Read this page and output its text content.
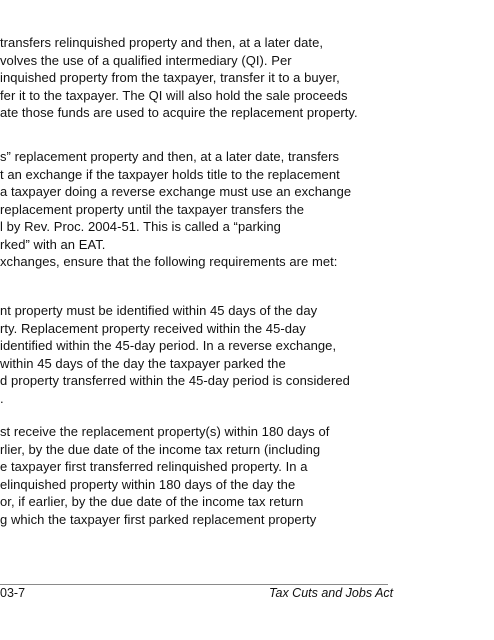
transfers relinquished property and then, at a later date,
volves the use of a qualified intermediary (QI). Per
inquished property from the taxpayer, transfer it to a buyer,
fer it to the taxpayer. The QI will also hold the sale proceeds
ate those funds are used to acquire the replacement property.
s” replacement property and then, at a later date, transfers
t an exchange if the taxpayer holds title to the replacement
a taxpayer doing a reverse exchange must use an exchange
replacement property until the taxpayer transfers the
l by Rev. Proc. 2004-51. This is called a “parking
rked” with an EAT.
xchanges, ensure that the following requirements are met:
nt property must be identified within 45 days of the day
rty. Replacement property received within the 45-day
identified within the 45-day period. In a reverse exchange,
within 45 days of the day the taxpayer parked the
d property transferred within the 45-day period is considered
.
st receive the replacement property(s) within 180 days of
rlier, by the due date of the income tax return (including
e taxpayer first transferred relinquished property. In a
elinquished property within 180 days of the day the
or, if earlier, by the due date of the income tax return
g which the taxpayer first parked replacement property
03-7	Tax Cuts and Jobs Act
